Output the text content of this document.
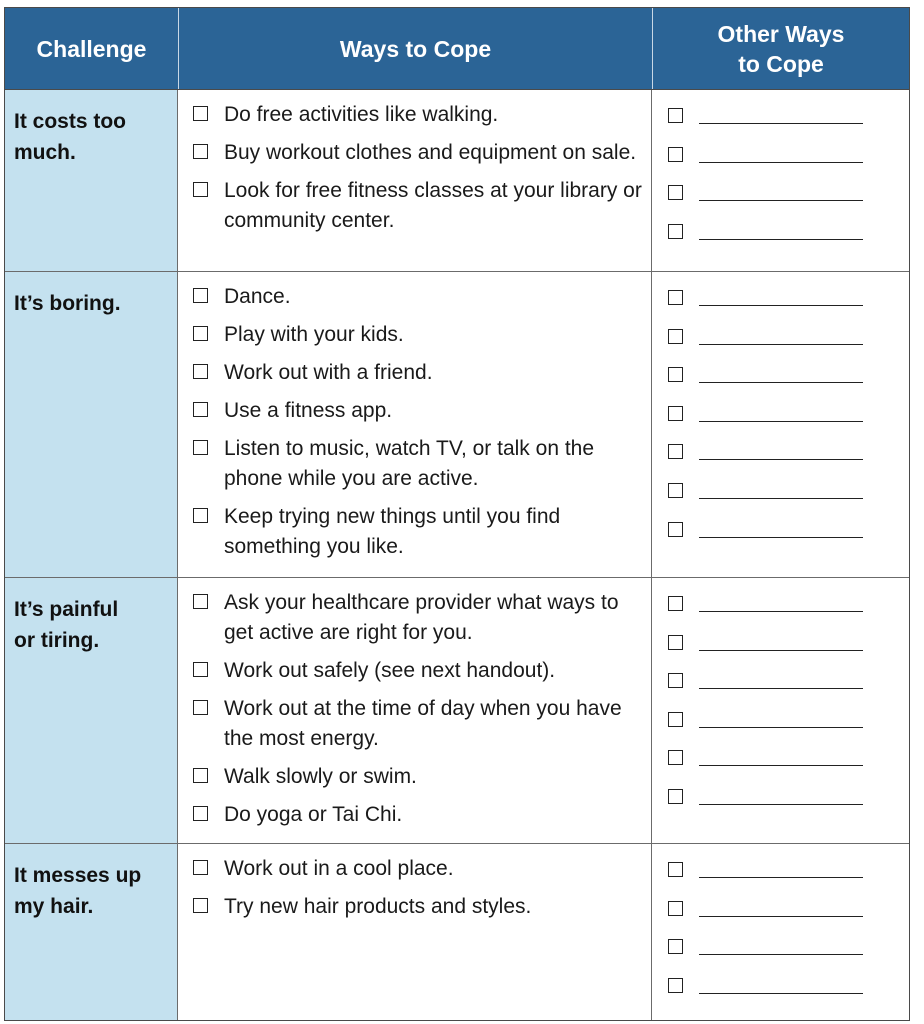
Challenge	Ways to Cope
Other Ways
to Cope
It costs too
much.
Do free activities like walking.
Buy workout clothes and equipment on sale.
Look for free fitness classes at your library or community center.
It’s boring.	Dance.
Play with your kids.
Work out with a friend.
Use a fitness app.
Listen to music, watch TV, or talk on the phone while you are active.
Keep trying new things until you find something you like.
It’s painful
or tiring.
Ask your healthcare provider what ways to get active are right for you.
Work out safely (see next handout).
Work out at the time of day when you have the most energy.
Walk slowly or swim.
Do yoga or Tai Chi.
It messes up
my hair.
Work out in a cool place.
Try new hair products and styles.
